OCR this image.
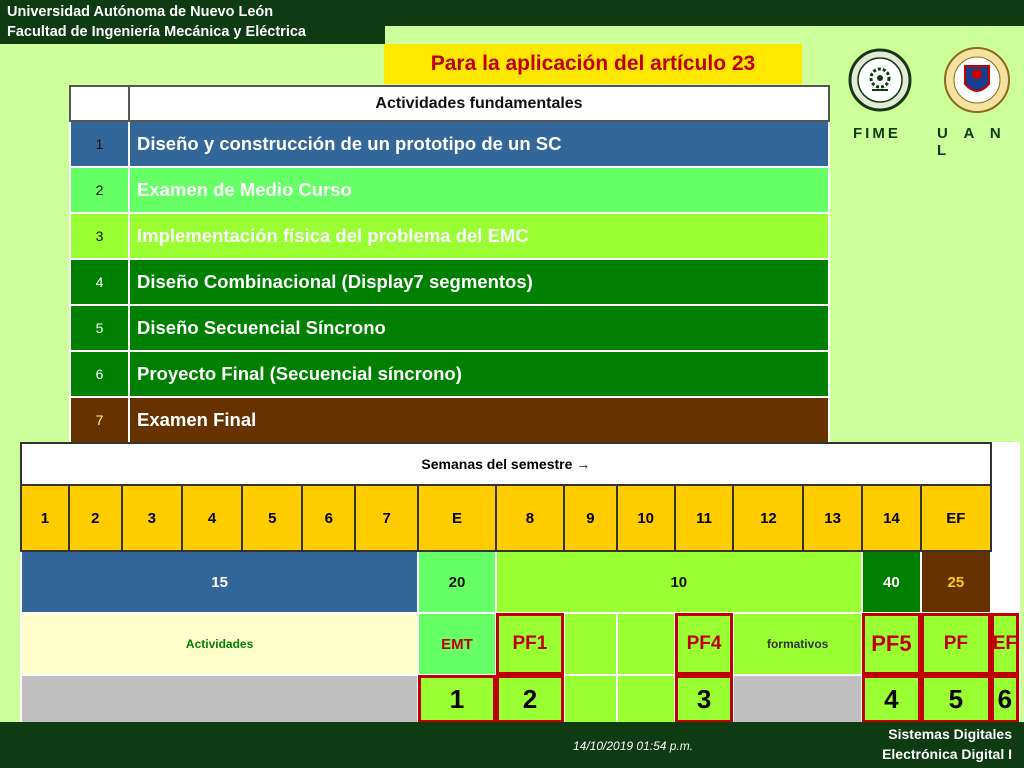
Universidad Autónoma de Nuevo León
Facultad de Ingeniería Mecánica y Eléctrica
Para la aplicación del artículo 23
FIME U A N L
	Actividades fundamentales
1	Diseño y construcción de un prototipo de un SC
2	Examen de Medio Curso
3	Implementación física del problema del EMC
4	Diseño Combinacional (Display7 segmentos)
5	Diseño Secuencial Síncrono
6	Proyecto Final (Secuencial síncrono)
7	Examen Final
Semanas del semestre →																
1	2	3	4	5	6	7	E	8	9	10	11	12	13	14	EF	
15							20	10						40	25	
Actividades							EMT	PF1			PF4	formativos		PF5	PF	EF
							1	2			3			4	5	6
14/10/2019 01:54 p.m.
Sistemas Digitales
Electrónica Digital I
